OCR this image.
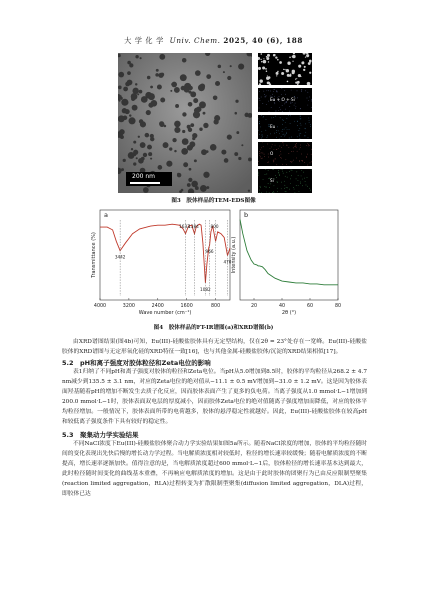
大 学 化 学 Univ. Chem. 2025, 40 (6), 188
200 nm
Eu + O + Si
Eu
O
Si
图3　胶体样品的TEM-EDS图像
a
4000	3200	2400	1600	800
Wave number (cm⁻¹)
Transmittance (%)	3442
1633
1384
1082
966
800
470
b
20	40	60	80
2θ (°)
Intensity (a.u.)
图4　胶体样品的FT-IR谱图(a)和XRD谱图(b)

由XRD谱图结果(图4b)可知，Eu(III)-硅酸盐胶体具有无定型结构，仅在2θ = 23°处存在一宽峰。Eu(III)-硅酸盐胶体的XRD谱图与无定形氧化硅的XRD特征一致[16]，也与其他金属-硅酸盐胶体/沉淀的XRD结果相似[17]。

5.2　pH和离子强度对胶体粒径和Zeta电位的影响

表1归纳了不同pH和离子强度对胶体的粒径和Zeta电位。当pH从5.0增加到8.5时，胶体的平均粒径从268.2 ± 4.7 nm减少到135.5 ± 3.1 nm，对应的Zeta电位的绝对值从−11.1 ± 0.5 mV增加到−31.0 ± 1.2 mV。这是因为胶体表面羟基随着pH的增加不断发生去质子化反应，因而胶体表面产生了更多的负电荷。当离子强度从1.0 mmol·L−1增加到200.0 mmol·L−1时，胶体表面双电层的厚度减小，因而胶体Zeta电位的绝对值随离子强度增加而降低，对应的胶体平均粒径增加。一般情况下，胶体表面所带的电荷越多，胶体的悬浮稳定性就越好。因此，Eu(III)-硅酸盐胶体在较高pH和较低离子强度条件下具有较好的稳定性。

5.3　聚集动力学实验结果

不同NaCl浓度下Eu(III)-硅酸盐胶体聚合动力学实验结果如图5a所示。随着NaCl浓度的增加，胶体的平均粒径随时间的变化表现出先快后慢的增长动力学过程。当电解质浓度相对较低时，粒径的增长速率较缓慢；随着电解质浓度的不断提高，增长速率逐渐加快。值得注意的是，当电解质浓度超过600 mmol·L−1后，胶体粒径的增长速率基本达到最大，此时粒径随时间变化的曲线基本重叠，不再响应电解质浓度的增加。这是由于此时胶体的团聚行为已由反应限制型聚集(reaction limited aggregation，RLA)过程转变为扩散限制型聚集(diffusion limited aggregation，DLA)过程，即胶体已达
